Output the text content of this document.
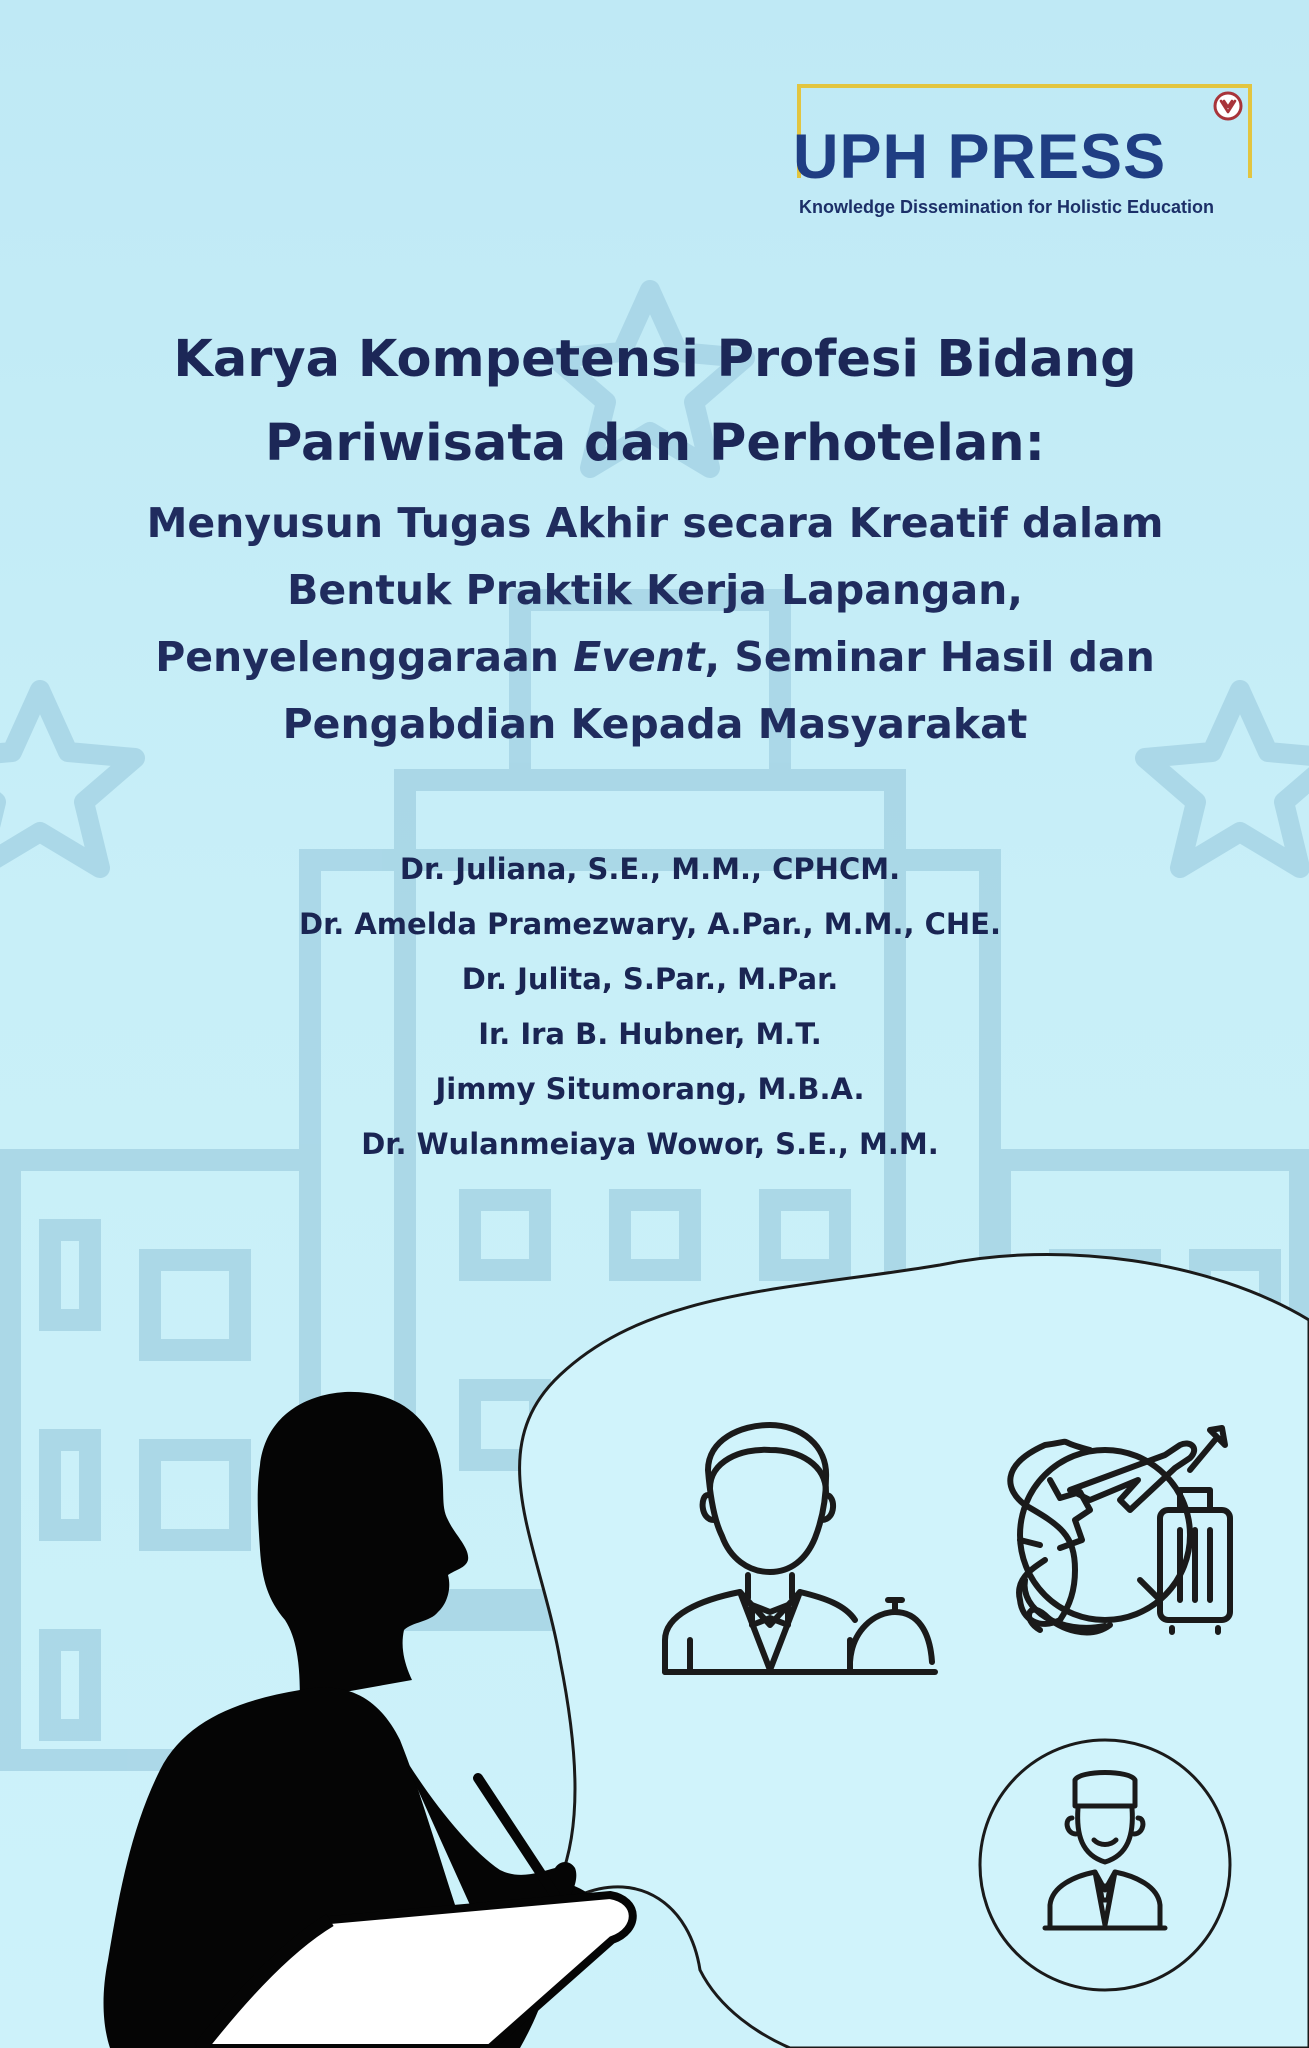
UPH PRESS
Knowledge Dissemination for Holistic Education
Karya Kompetensi Profesi Bidang
Pariwisata dan Perhotelan:
Menyusun Tugas Akhir secara Kreatif dalam
Bentuk Praktik Kerja Lapangan,
Penyelenggaraan Event, Seminar Hasil dan
Pengabdian Kepada Masyarakat
Dr. Juliana, S.E., M.M., CPHCM.
Dr. Amelda Pramezwary, A.Par., M.M., CHE.
Dr. Julita, S.Par., M.Par.
Ir. Ira B. Hubner, M.T.
Jimmy Situmorang, M.B.A.
Dr. Wulanmeiaya Wowor, S.E., M.M.
